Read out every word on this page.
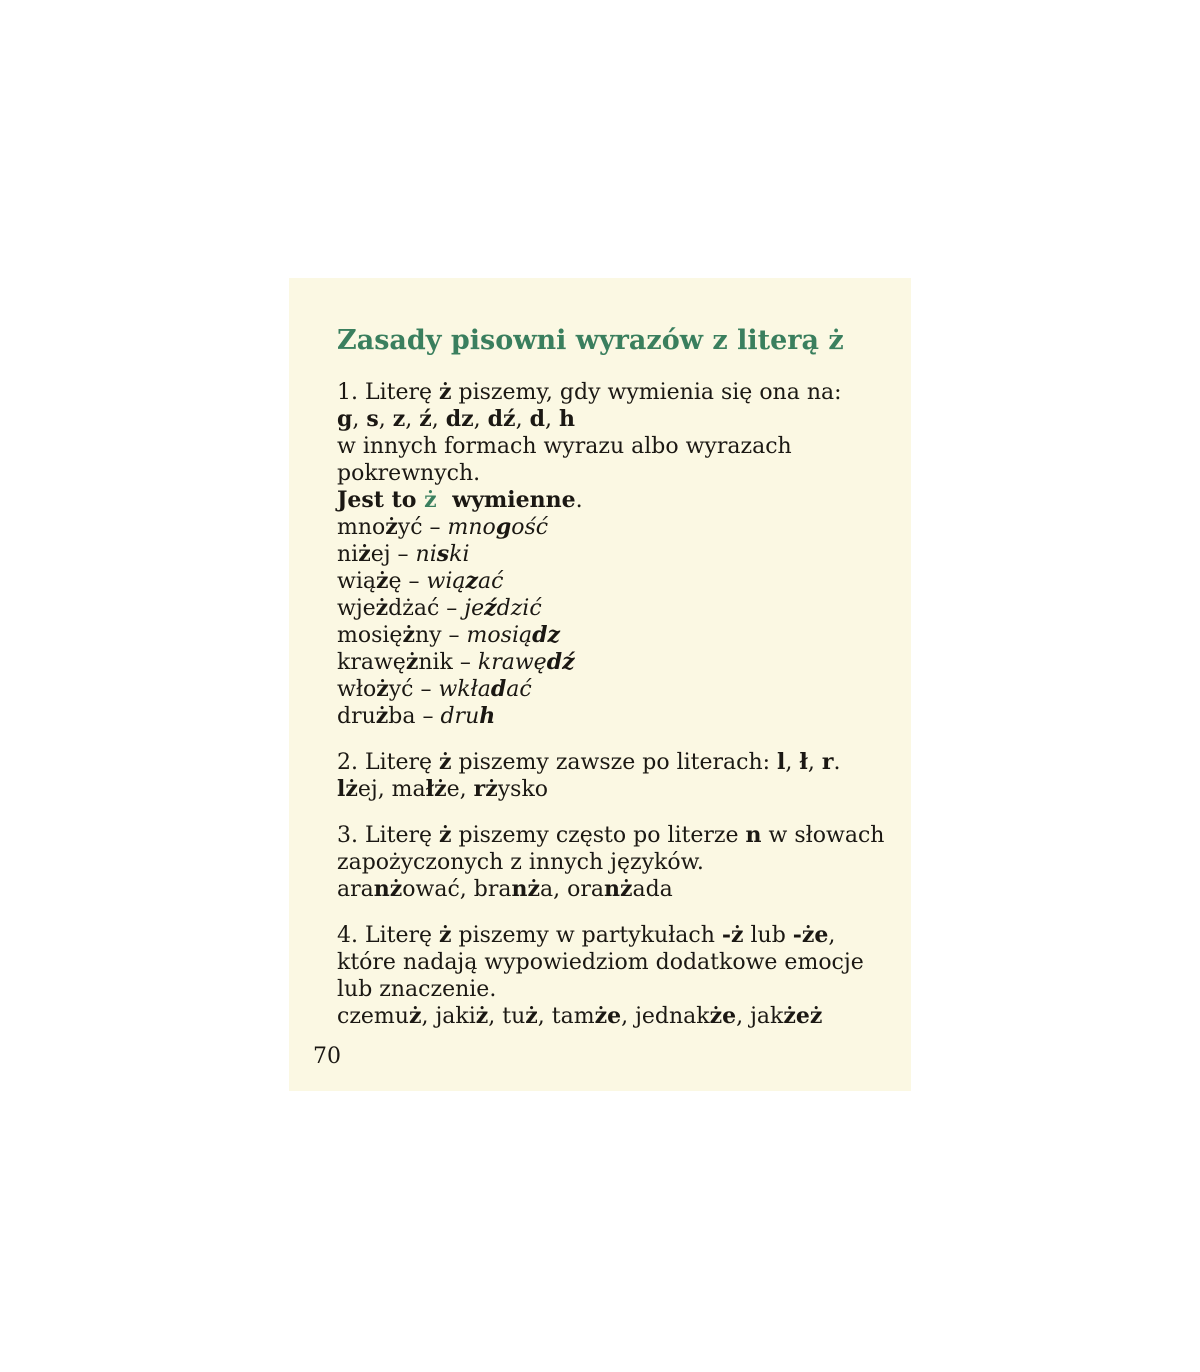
Zasady pisowni wyrazów z literą ż
1. Literę ż piszemy, gdy wymienia się ona na:
g, s, z, ź, dz, dź, d, h
w innych formach wyrazu albo wyrazach
pokrewnych.
Jest to ż wymienne.
mnożyć – mnogość
niżej – niski
wiążę – wiązać
wjeżdżać – jeździć
mosiężny – mosiądz
krawężnik – krawędź
włożyć – wkładać
drużba – druh
2. Literę ż piszemy zawsze po literach: l, ł, r.
lżej, małże, rżysko
3. Literę ż piszemy często po literze n w słowach
zapożyczonych z innych języków.
aranżować, branża, oranżada
4. Literę ż piszemy w partykułach -ż lub -że,
które nadają wypowiedziom dodatkowe emocje
lub znaczenie.
czemuż, jakiż, tuż, tamże, jednakże, jakżeż
70
